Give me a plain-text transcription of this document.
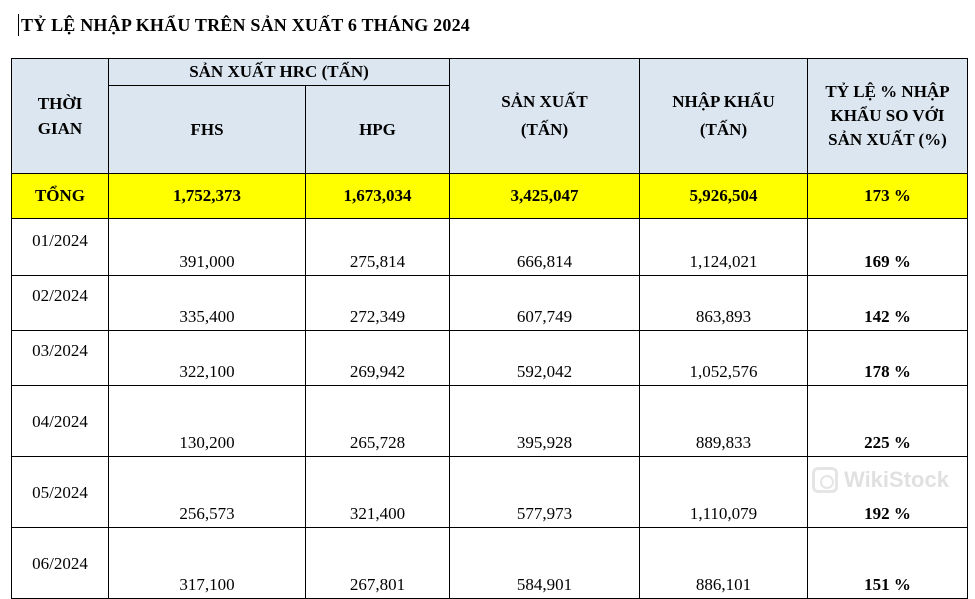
TỶ LỆ NHẬP KHẨU TRÊN SẢN XUẤT 6 THÁNG 2024
THỜI GIAN	SẢN XUẤT HRC (TẤN)		SẢN XUẤT (TẤN)	NHẬP KHẨU (TẤN)	TỶ LỆ % NHẬP KHẨU SO VỚI SẢN XUẤT (%)

	FHS	HPG			
TỔNG	1,752,373	1,673,034	3,425,047	5,926,504	173 %
01/2024	391,000	275,814	666,814	1,124,021	169 %
02/2024	335,400	272,349	607,749	863,893	142 %
03/2024	322,100	269,942	592,042	1,052,576	178 %
04/2024	130,200	265,728	395,928	889,833	225 %
05/2024	256,573	321,400	577,973	1,110,079	192 %
06/2024	317,100	267,801	584,901	886,101	151 %
WikiStock
